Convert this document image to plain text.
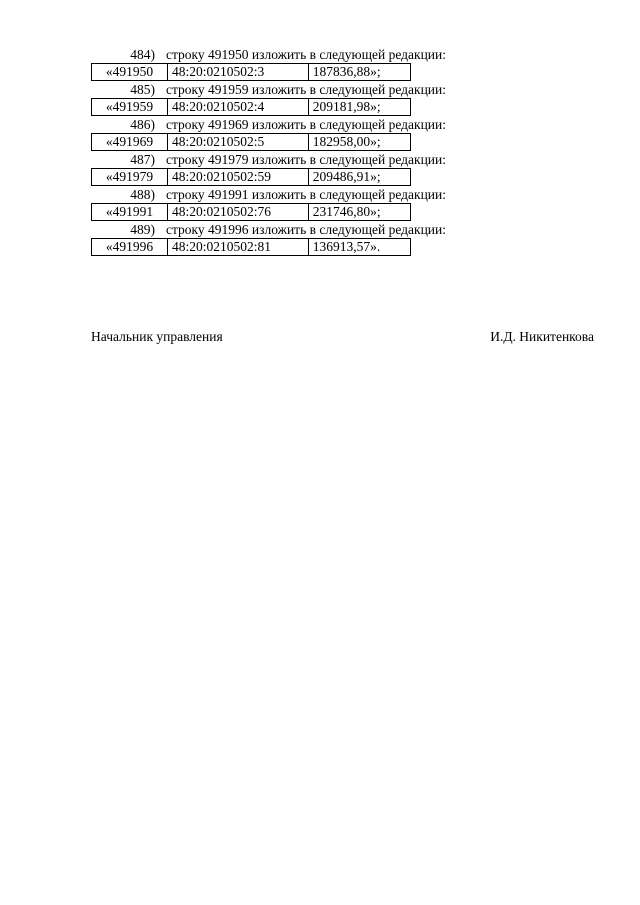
484) строку 491950 изложить в следующей редакции:
«491950	48:20:0210502:3	187836,88»;
485) строку 491959 изложить в следующей редакции:
«491959	48:20:0210502:4	209181,98»;
486) строку 491969 изложить в следующей редакции:
«491969	48:20:0210502:5	182958,00»;
487) строку 491979 изложить в следующей редакции:
«491979	48:20:0210502:59	209486,91»;
488) строку 491991 изложить в следующей редакции:
«491991	48:20:0210502:76	231746,80»;
489) строку 491996 изложить в следующей редакции:
«491996	48:20:0210502:81	136913,57».
Начальник управления	И.Д. Никитенкова
